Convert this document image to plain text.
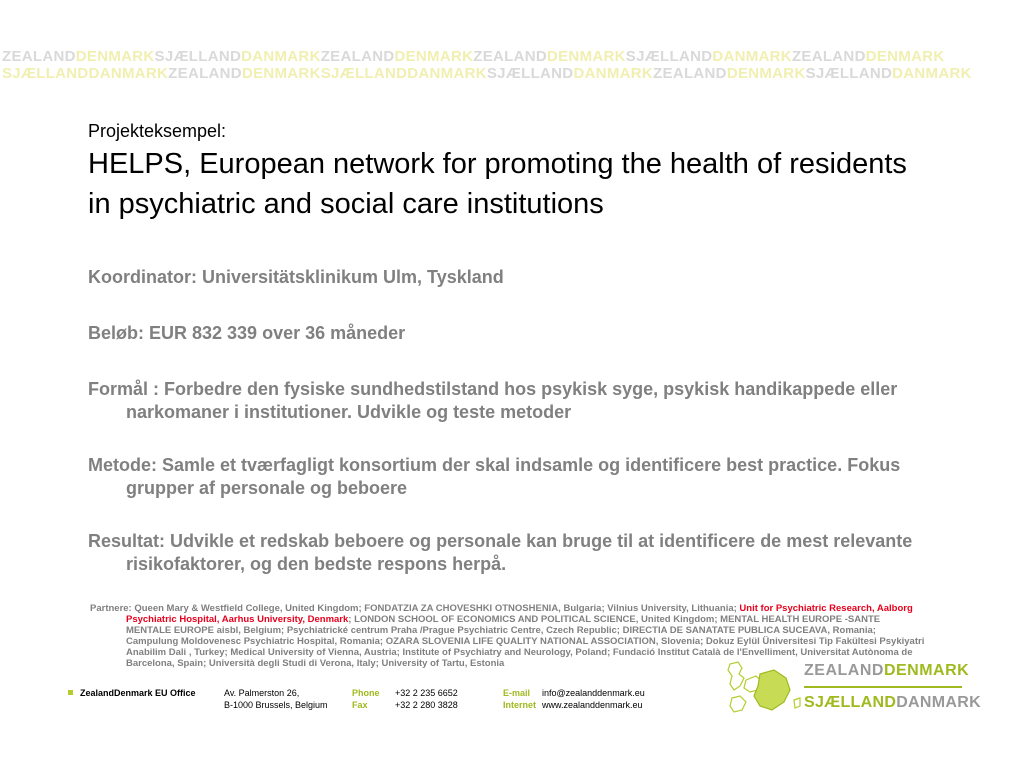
ZEALANDDENMARKSJÆLLANDDANMARKZEALANDDENMARKZEALANDDENMARKSJÆLLANDDANMARKZEALANDDENMARK
SJÆLLANDDANMARKZEALANDDENMARKSJÆLLANDDANMARKSJÆLLANDDANMARKZEALANDDENMARKSJÆLLANDDANMARK
Projekteksempel:
HELPS, European network for promoting the health of residents in psychiatric and social care institutions
Koordinator: Universitätsklinikum Ulm, Tyskland
Beløb: EUR 832 339 over 36 måneder
Formål : Forbedre den fysiske sundhedstilstand hos psykisk syge, psykisk handikappede eller narkomaner i institutioner. Udvikle og teste metoder
Metode: Samle et tværfagligt konsortium der skal indsamle og identificere best practice. Fokus grupper af personale og beboere
Resultat: Udvikle et redskab beboere og personale kan bruge til at identificere de mest relevante risikofaktorer, og den bedste respons herpå.
Partnere: Queen Mary & Westfield College, United Kingdom; FONDATZIA ZA CHOVESHKI OTNOSHENIA, Bulgaria; Vilnius University, Lithuania; Unit for Psychiatric Research, Aalborg Psychiatric Hospital, Aarhus University, Denmark; LONDON SCHOOL OF ECONOMICS AND POLITICAL SCIENCE, United Kingdom; MENTAL HEALTH EUROPE -SANTE MENTALE EUROPE aisbl, Belgium; Psychiatrické centrum Praha /Prague Psychiatric Centre, Czech Republic; DIRECTIA DE SANATATE PUBLICA SUCEAVA, Romania; Campulung Moldovenesc Psychiatric Hospital, Romania; OZARA SLOVENIA LIFE QUALITY NATIONAL ASSOCIATION, Slovenia; Dokuz Eylül Üniversitesi Tip Fakültesi Psykiyatri Anabilim Dali , Turkey; Medical University of Vienna, Austria; Institute of Psychiatry and Neurology, Poland; Fundació Institut Català de l'Envelliment, Universitat Autònoma de Barcelona, Spain; Università degli Studi di Verona, Italy; University of Tartu, Estonia
ZealandDenmark EU Office	Av. Palmerston 26,
B-1000 Brussels, Belgium
Phone
Fax
+32 2 235 6652
+32 2 280 3828
E-mail
Internet
info@zealanddenmark.eu
www.zealanddenmark.eu
ZEALANDDENMARK
SJÆLLANDDANMARK
